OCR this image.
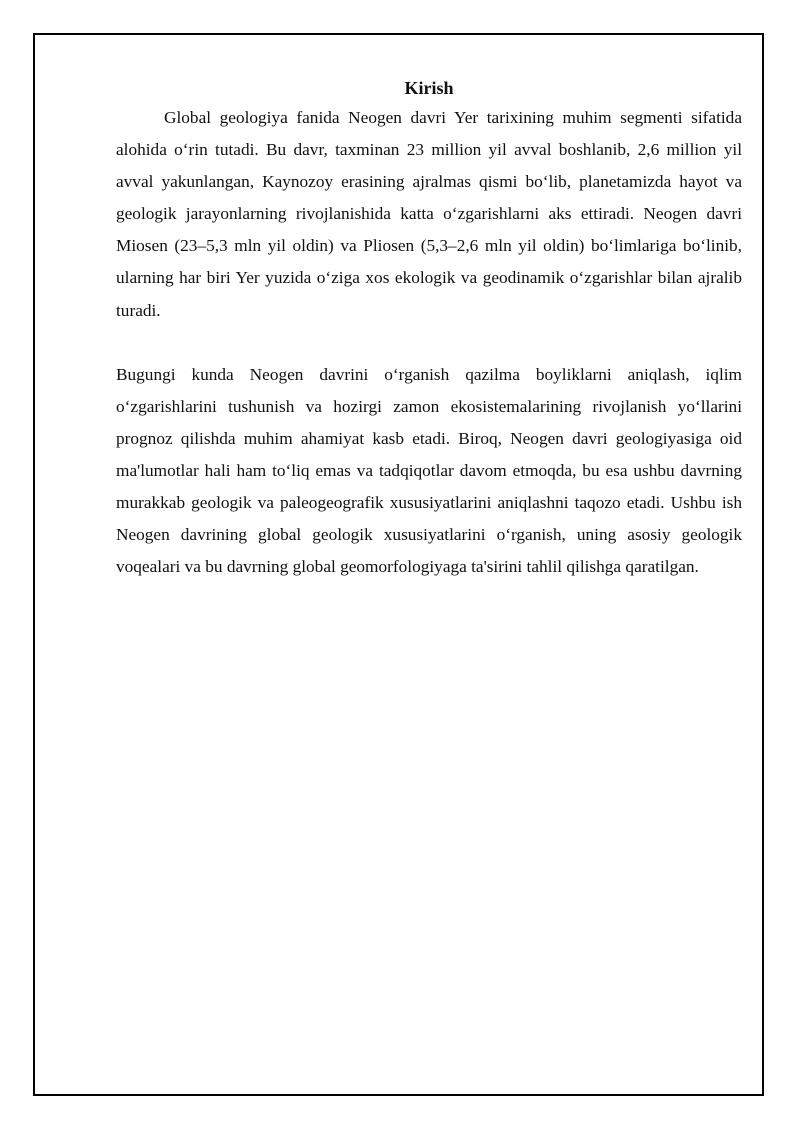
Kirish

Global geologiya fanida Neogen davri Yer tarixining muhim segmenti sifatida alohida oʻrin tutadi. Bu davr, taxminan 23 million yil avval boshlanib, 2,6 million yil avval yakunlangan, Kaynozoy erasining ajralmas qismi boʻlib, planetamizda hayot va geologik jarayonlarning rivojlanishida katta oʻzgarishlarni aks ettiradi. Neogen davri Miosen (23–5,3 mln yil oldin) va Pliosen (5,3–2,6 mln yil oldin) boʻlimlariga boʻlinib, ularning har biri Yer yuzida oʻziga xos ekologik va geodinamik oʻzgarishlar bilan ajralib turadi.

Bugungi kunda Neogen davrini oʻrganish qazilma boyliklarni aniqlash, iqlim oʻzgarishlarini tushunish va hozirgi zamon ekosistemalarining rivojlanish yoʻllarini prognoz qilishda muhim ahamiyat kasb etadi. Biroq, Neogen davri geologiyasiga oid ma'lumotlar hali ham toʻliq emas va tadqiqotlar davom etmoqda, bu esa ushbu davrning murakkab geologik va paleogeografik xususiyatlarini aniqlashni taqozo etadi. Ushbu ish Neogen davrining global geologik xususiyatlarini oʻrganish, uning asosiy geologik voqealari va bu davrning global geomorfologiyaga ta'sirini tahlil qilishga qaratilgan.
